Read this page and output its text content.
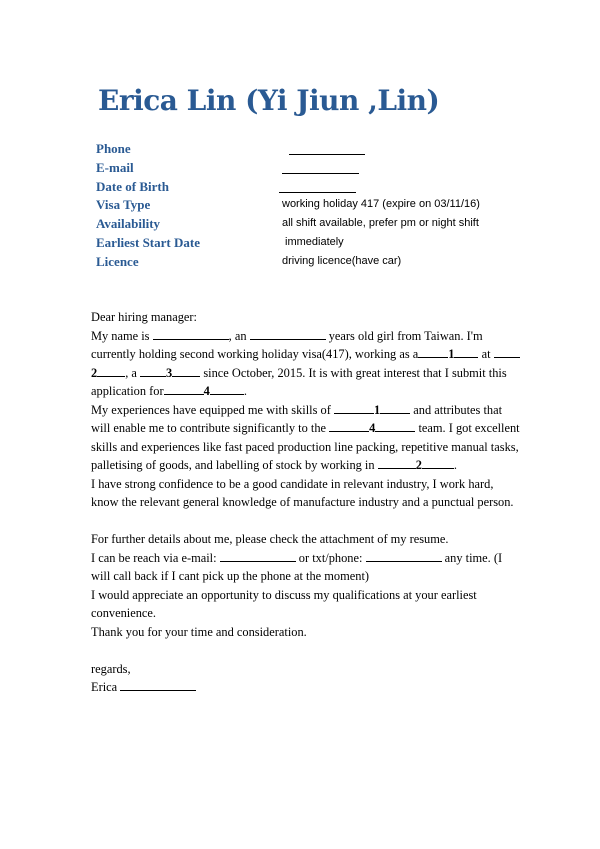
Erica Lin (Yi Jiun ,Lin)
Phone
E-mail
Date of Birth
Visa Type	working holiday 417 (expire on 03/11/16)
Availability	all shift available, prefer pm or night shift
Earliest Start Date	immediately
Licence	driving licence(have car)

Dear hiring manager:

My name is	, an	years old girl from Taiwan. I'm currently holding second working holiday visa(417), working as a 1 at 2 , a 3	since October, 2015. It is with great interest that I submit this application for	4	.

My experiences have equipped me with skills of	1	and attributes that will enable me to contribute significantly to the	4	team. I got excellent skills and experiences like fast paced production line packing, repetitive manual tasks, palletising of goods, and labelling of stock by working in	2	.

I have strong confidence to be a good candidate in relevant industry, I work hard, know the relevant general knowledge of manufacture industry and a punctual person.

For further details about me, please check the attachment of my resume.

I can be reach via e-mail:	or txt/phone:	any time. (I will call back if I cant pick up the phone at the moment)

I would appreciate an opportunity to discuss my qualifications at your earliest convenience.

Thank you for your time and consideration.

regards,

Erica
